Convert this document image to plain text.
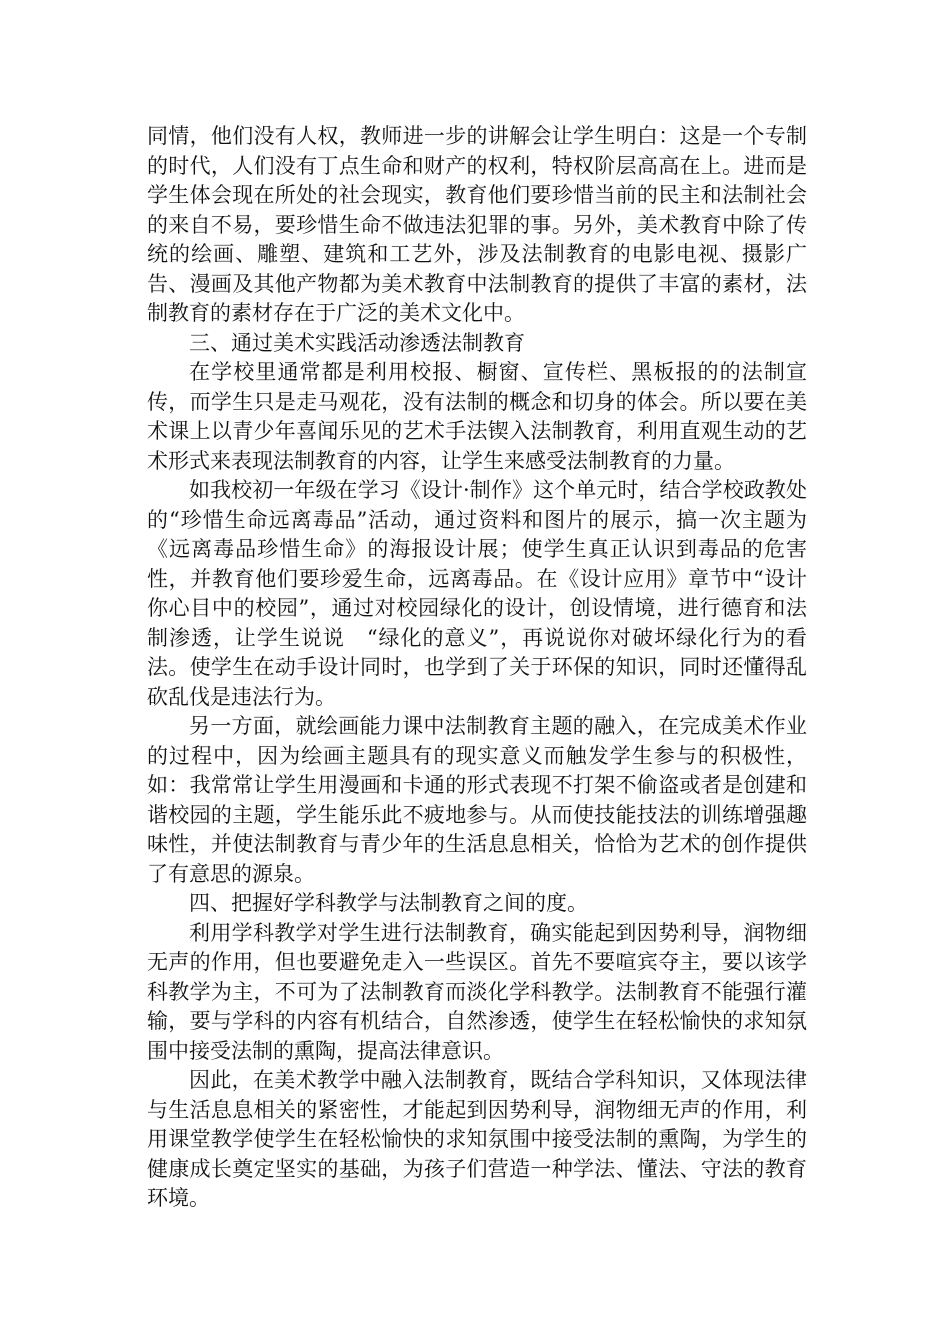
同情，他们没有人权，教师进一步的讲解会让学生明白：这是一个专制的时代，人们没有丁点生命和财产的权利，特权阶层高高在上。进而是学生体会现在所处的社会现实，教育他们要珍惜当前的民主和法制社会的来自不易，要珍惜生命不做违法犯罪的事。另外，美术教育中除了传统的绘画、雕塑、建筑和工艺外，涉及法制教育的电影电视、摄影广告、漫画及其他产物都为美术教育中法制教育的提供了丰富的素材，法制教育的素材存在于广泛的美术文化中。

三、通过美术实践活动渗透法制教育

在学校里通常都是利用校报、橱窗、宣传栏、黑板报的的法制宣传，而学生只是走马观花，没有法制的概念和切身的体会。所以要在美术课上以青少年喜闻乐见的艺术手法锲入法制教育，利用直观生动的艺术形式来表现法制教育的内容，让学生来感受法制教育的力量。

如我校初一年级在学习《设计·制作》这个单元时，结合学校政教处的“珍惜生命远离毒品”活动，通过资料和图片的展示，搞一次主题为《远离毒品珍惜生命》的海报设计展；使学生真正认识到毒品的危害性，并教育他们要珍爱生命，远离毒品。在《设计应用》章节中“设计你心目中的校园”，通过对校园绿化的设计，创设情境，进行德育和法制渗透，让学生说说　“绿化的意义”，再说说你对破坏绿化行为的看法。使学生在动手设计同时，也学到了关于环保的知识，同时还懂得乱砍乱伐是违法行为。

另一方面，就绘画能力课中法制教育主题的融入，在完成美术作业的过程中，因为绘画主题具有的现实意义而触发学生参与的积极性，如：我常常让学生用漫画和卡通的形式表现不打架不偷盗或者是创建和谐校园的主题，学生能乐此不疲地参与。从而使技能技法的训练增强趣味性，并使法制教育与青少年的生活息息相关，恰恰为艺术的创作提供了有意思的源泉。

四、把握好学科教学与法制教育之间的度。

利用学科教学对学生进行法制教育，确实能起到因势利导，润物细无声的作用，但也要避免走入一些误区。首先不要喧宾夺主，要以该学科教学为主，不可为了法制教育而淡化学科教学。法制教育不能强行灌输，要与学科的内容有机结合，自然渗透，使学生在轻松愉快的求知氛围中接受法制的熏陶，提高法律意识。

因此，在美术教学中融入法制教育，既结合学科知识，又体现法律与生活息息相关的紧密性，才能起到因势利导，润物细无声的作用，利用课堂教学使学生在轻松愉快的求知氛围中接受法制的熏陶，为学生的健康成长奠定坚实的基础，为孩子们营造一种学法、懂法、守法的教育环境。
